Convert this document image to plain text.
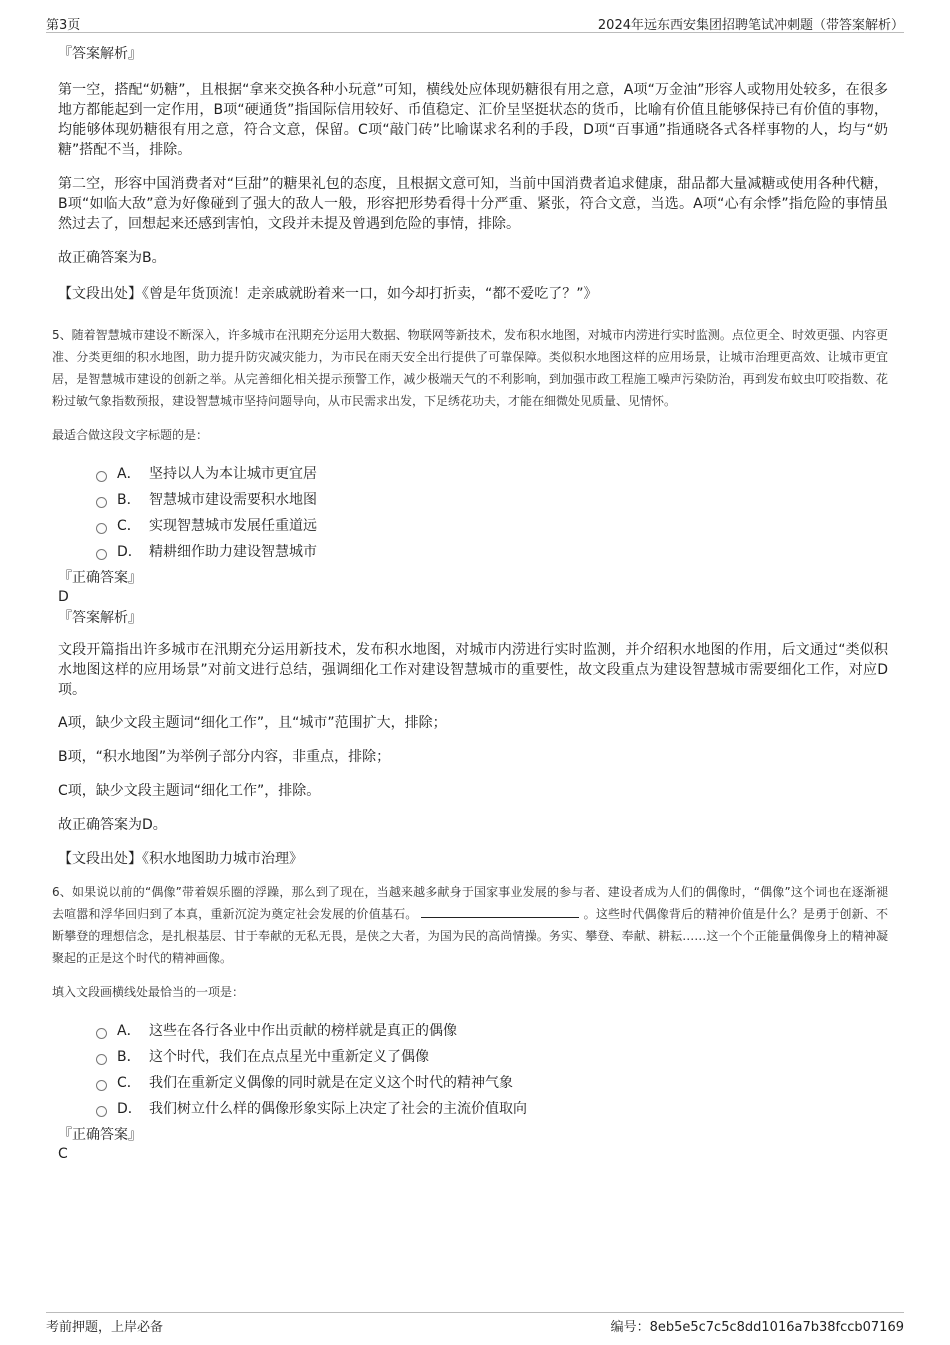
第3页	2024年远东西安集团招聘笔试冲刺题（带答案解析）

『答案解析』

第一空，搭配“奶糖”，且根据“拿来交换各种小玩意”可知，横线处应体现奶糖很有用之意，A项“万金油”形容人或物用处较多，在很多地方都能起到一定作用，B项“硬通货”指国际信用较好、币值稳定、汇价呈坚挺状态的货币，比喻有价值且能够保持已有价值的事物，均能够体现奶糖很有用之意，符合文意，保留。C项“敲门砖”比喻谋求名利的手段，D项“百事通”指通晓各式各样事物的人，均与“奶糖”搭配不当，排除。

第二空，形容中国消费者对“巨甜”的糖果礼包的态度，且根据文意可知，当前中国消费者追求健康，甜品都大量减糖或使用各种代糖，B项“如临大敌”意为好像碰到了强大的敌人一般，形容把形势看得十分严重、紧张，符合文意，当选。A项“心有余悸”指危险的事情虽然过去了，回想起来还感到害怕，文段并未提及曾遇到危险的事情，排除。

故正确答案为B。

【文段出处】《曾是年货顶流！走亲戚就盼着来一口，如今却打折卖，“都不爱吃了？”》

5、随着智慧城市建设不断深入，许多城市在汛期充分运用大数据、物联网等新技术，发布积水地图，对城市内涝进行实时监测。点位更全、时效更强、内容更准、分类更细的积水地图，助力提升防灾减灾能力，为市民在雨天安全出行提供了可靠保障。类似积水地图这样的应用场景，让城市治理更高效、让城市更宜居，是智慧城市建设的创新之举。从完善细化相关提示预警工作，减少极端天气的不利影响，到加强市政工程施工噪声污染防治，再到发布蚊虫叮咬指数、花粉过敏气象指数预报，建设智慧城市坚持问题导向，从市民需求出发，下足绣花功夫，才能在细微处见质量、见情怀。

最适合做这段文字标题的是：

A． 坚持以人为本让城市更宜居
B． 智慧城市建设需要积水地图
C． 实现智慧城市发展任重道远
D． 精耕细作助力建设智慧城市

『正确答案』

D

『答案解析』

文段开篇指出许多城市在汛期充分运用新技术，发布积水地图，对城市内涝进行实时监测，并介绍积水地图的作用，后文通过“类似积水地图这样的应用场景”对前文进行总结，强调细化工作对建设智慧城市的重要性，故文段重点为建设智慧城市需要细化工作，对应D项。

A项，缺少文段主题词“细化工作”，且“城市”范围扩大，排除；

B项，“积水地图”为举例子部分内容，非重点，排除；

C项，缺少文段主题词“细化工作”，排除。

故正确答案为D。

【文段出处】《积水地图助力城市治理》

6、如果说以前的“偶像”带着娱乐圈的浮躁，那么到了现在，当越来越多献身于国家事业发展的参与者、建设者成为人们的偶像时，“偶像”这个词也在逐渐褪去喧嚣和浮华回归到了本真，重新沉淀为奠定社会发展的价值基石。	。这些时代偶像背后的精神价值是什么？是勇于创新、不断攀登的理想信念，是扎根基层、甘于奉献的无私无畏，是侠之大者，为国为民的高尚情操。务实、攀登、奉献、耕耘……这一个个正能量偶像身上的精神凝聚起的正是这个时代的精神画像。

填入文段画横线处最恰当的一项是：

A． 这些在各行各业中作出贡献的榜样就是真正的偶像
B． 这个时代，我们在点点星光中重新定义了偶像
C． 我们在重新定义偶像的同时就是在定义这个时代的精神气象
D． 我们树立什么样的偶像形象实际上决定了社会的主流价值取向

『正确答案』

C

考前押题，上岸必备	编号：8eb5e5c7c5c8dd1016a7b38fccb07169
